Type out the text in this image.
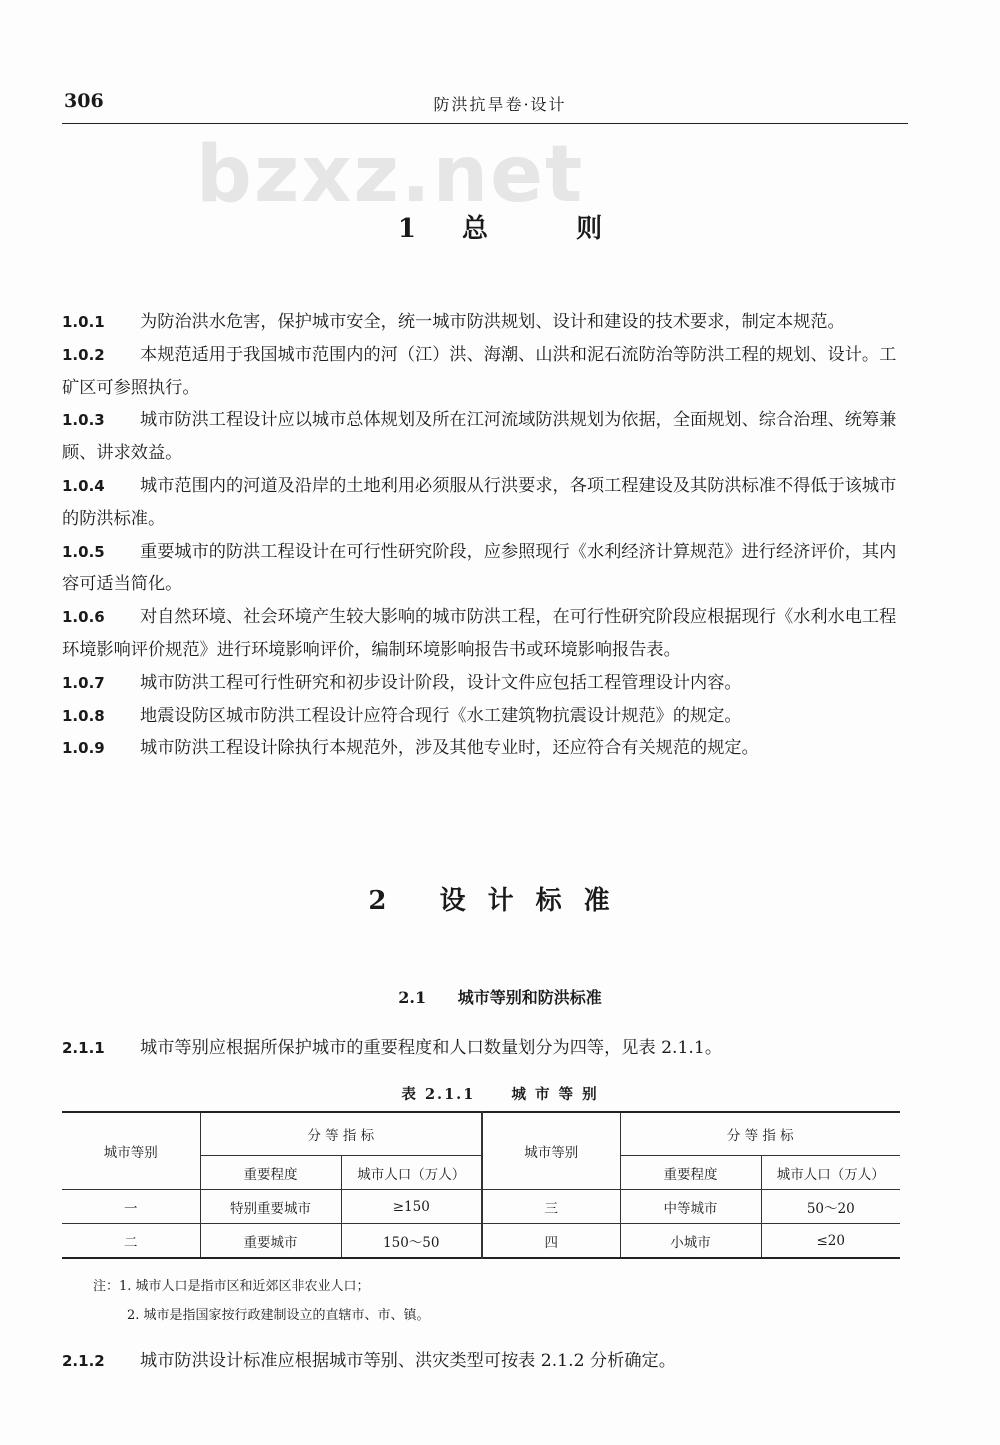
306	防洪抗旱卷·设计
bzxz.net
1 总	则

1.0.1 为防治洪水危害，保护城市安全，统一城市防洪规划、设计和建设的技术要求，制定本规范。

1.0.2 本规范适用于我国城市范围内的河（江）洪、海潮、山洪和泥石流防治等防洪工程的规划、设计。工矿区可参照执行。

1.0.3 城市防洪工程设计应以城市总体规划及所在江河流域防洪规划为依据，全面规划、综合治理、统筹兼顾、讲求效益。

1.0.4 城市范围内的河道及沿岸的土地利用必须服从行洪要求，各项工程建设及其防洪标准不得低于该城市的防洪标准。

1.0.5 重要城市的防洪工程设计在可行性研究阶段，应参照现行《水利经济计算规范》进行经济评价，其内容可适当简化。

1.0.6 对自然环境、社会环境产生较大影响的城市防洪工程，在可行性研究阶段应根据现行《水利水电工程环境影响评价规范》进行环境影响评价，编制环境影响报告书或环境影响报告表。

1.0.7 城市防洪工程可行性研究和初步设计阶段，设计文件应包括工程管理设计内容。

1.0.8 地震设防区城市防洪工程设计应符合现行《水工建筑物抗震设计规范》的规定。

1.0.9 城市防洪工程设计除执行本规范外，涉及其他专业时，还应符合有关规范的规定。

2 设计标准
2.1 城市等别和防洪标准
2.1.1 城市等别应根据所保护城市的重要程度和人口数量划分为四等，见表 2.1.1。
表 2.1.1 城 市 等 别
城市等别	分 等 指 标		城市等别	分 等 指 标	
	重要程度	城市人口（万人）		重要程度	城市人口（万人）
一	特别重要城市	≥150	三	中等城市	50～20
二	重要城市	150～50	四	小城市	≤20
注：1. 城市人口是指市区和近郊区非农业人口；
2. 城市是指国家按行政建制设立的直辖市、市、镇。
2.1.2 城市防洪设计标准应根据城市等别、洪灾类型可按表 2.1.2 分析确定。
